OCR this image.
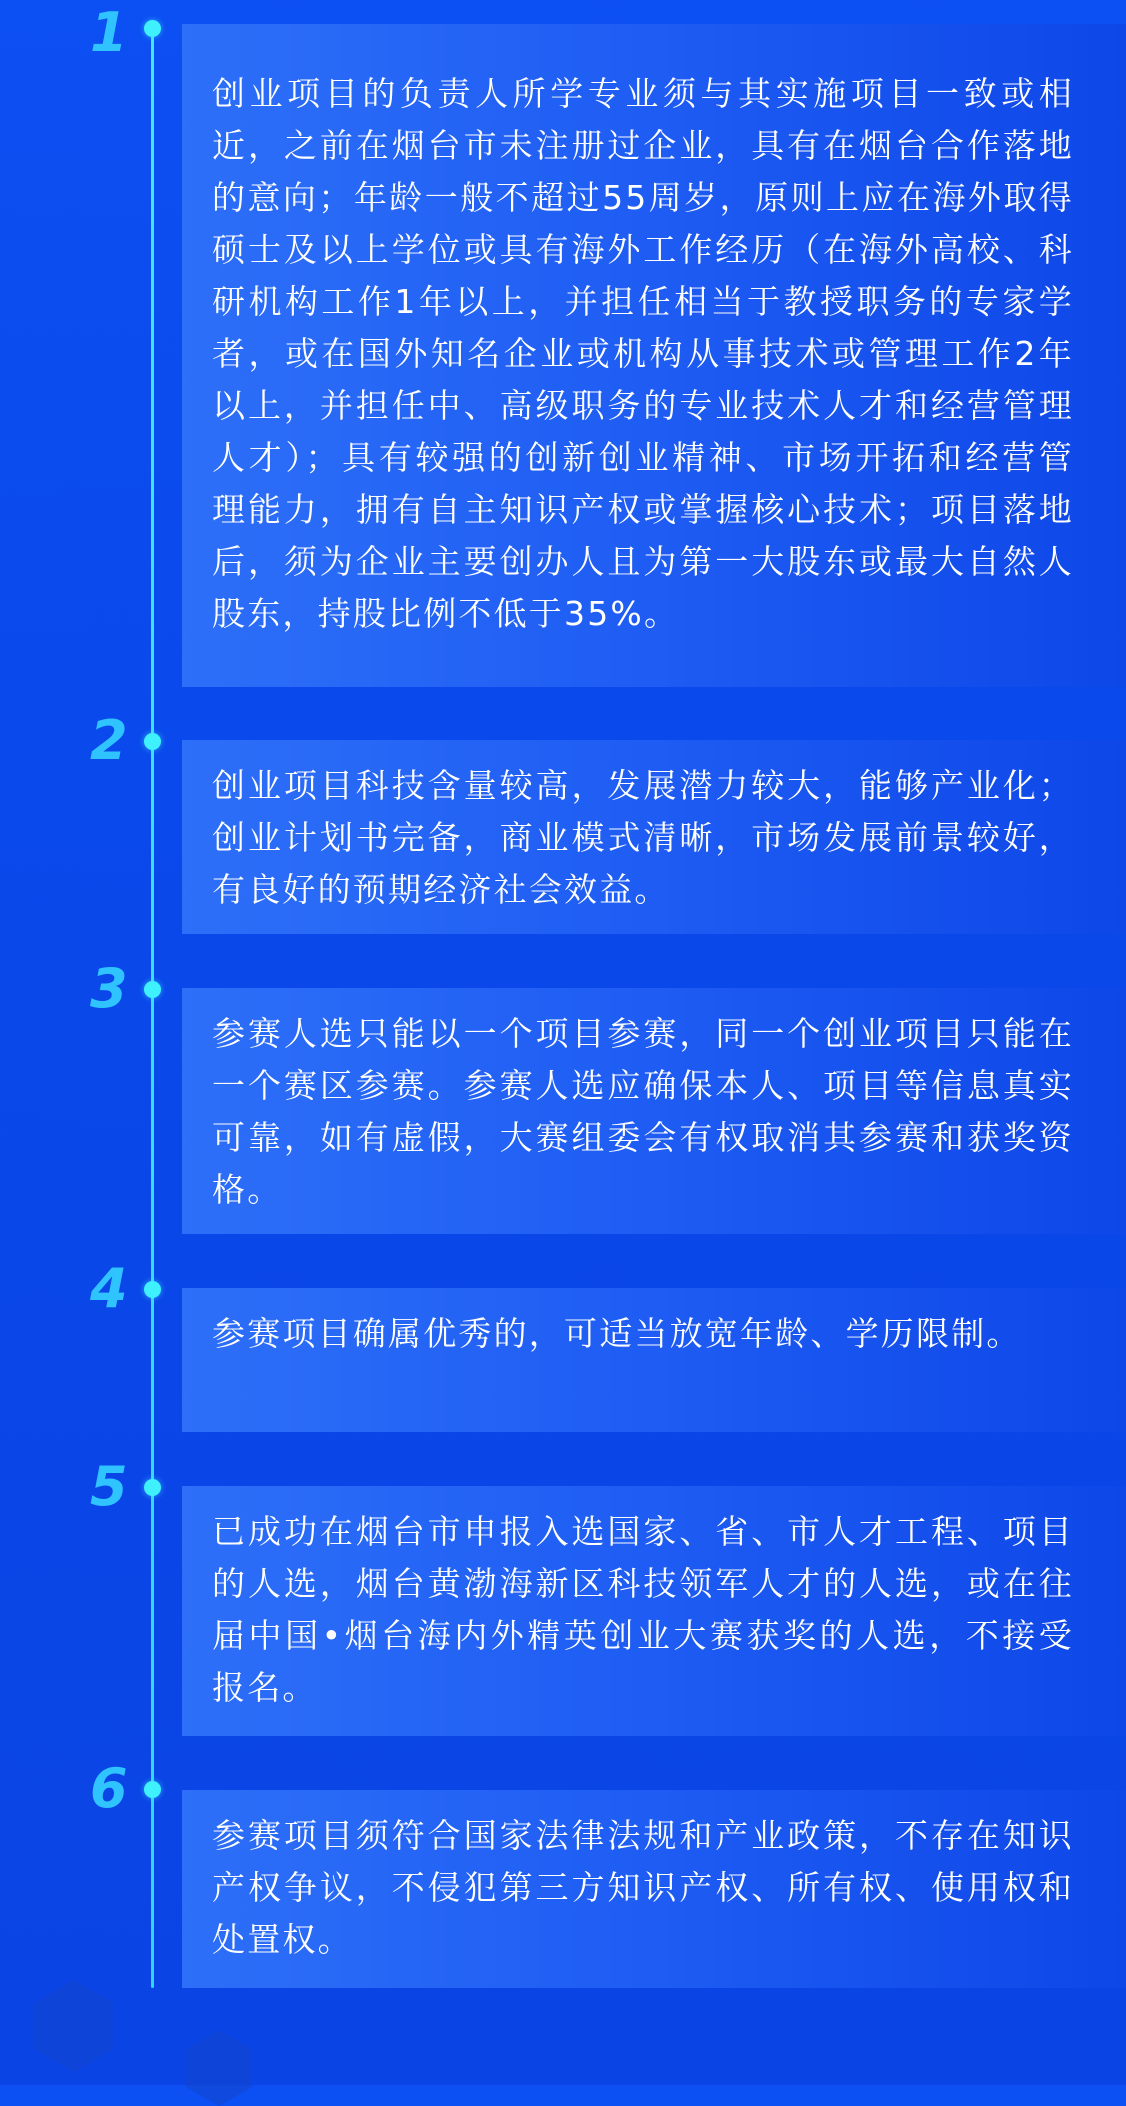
1
创业项目的负责人所学专业须与其实施项目一致或相近，之前在烟台市未注册过企业，具有在烟台合作落地的意向；年龄一般不超过55周岁，原则上应在海外取得硕士及以上学位或具有海外工作经历（在海外高校、科研机构工作1年以上，并担任相当于教授职务的专家学者，或在国外知名企业或机构从事技术或管理工作2年以上，并担任中、高级职务的专业技术人才和经营管理人才）；具有较强的创新创业精神、市场开拓和经营管理能力，拥有自主知识产权或掌握核心技术；项目落地后，须为企业主要创办人且为第一大股东或最大自然人股东，持股比例不低于35%。
2
创业项目科技含量较高，发展潜力较大，能够产业化；创业计划书完备，商业模式清晰，市场发展前景较好，有良好的预期经济社会效益。
3
参赛人选只能以一个项目参赛，同一个创业项目只能在一个赛区参赛。参赛人选应确保本人、项目等信息真实可靠，如有虚假，大赛组委会有权取消其参赛和获奖资格。
4
参赛项目确属优秀的，可适当放宽年龄、学历限制。
5
已成功在烟台市申报入选国家、省、市人才工程、项目的人选，烟台黄渤海新区科技领军人才的人选，或在往届中国•烟台海内外精英创业大赛获奖的人选，不接受报名。
6
参赛项目须符合国家法律法规和产业政策，不存在知识产权争议，不侵犯第三方知识产权、所有权、使用权和处置权。
